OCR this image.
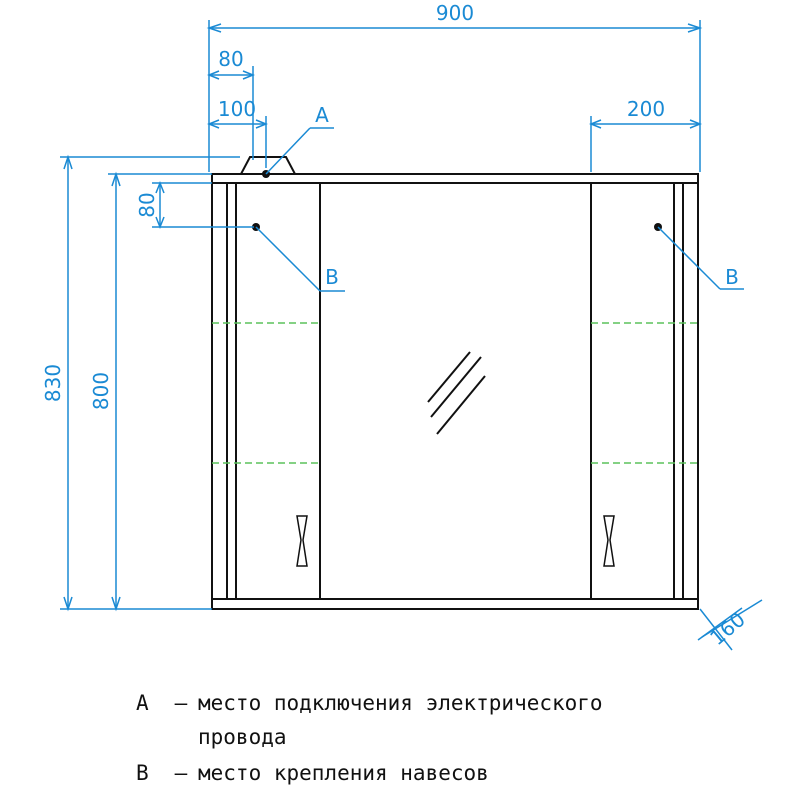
900
80
100	200
80
830 800
160
A
B	B
A	– место подключения электрического
провода
B	– место крепления навесов
